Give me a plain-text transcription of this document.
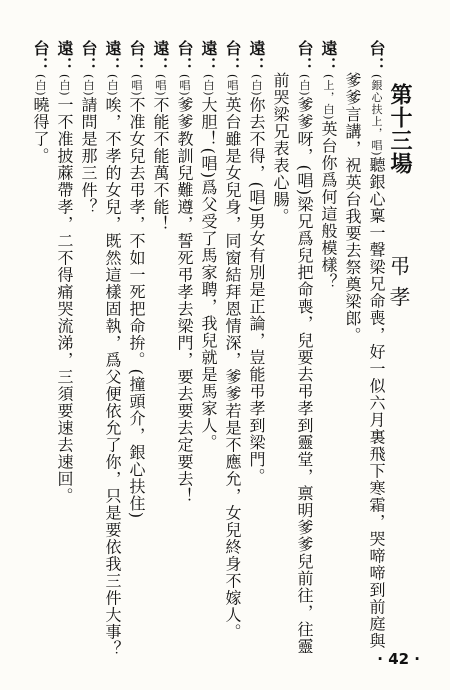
第十三場
弔孝
台：(銀心扶上，唱)聽銀心稟一聲梁兄命喪，好一似六月裏飛下寒霜，哭啼啼到前庭與
爹爹言講，祝英台我要去祭奠梁郎。
遠：(上，白)英台你爲何這般模樣？
台：(白)爹爹呀，(唱)梁兄爲兒把命喪，兒要去弔孝到靈堂，禀明爹爹兒前往，往靈
前哭梁兄表表心腸。
遠：(白)你去不得，(唱)男女有別是正論，豈能弔孝到梁門。
台：(唱)英台雖是女兒身，同窗結拜恩情深，爹爹若是不應允，女兒終身不嫁人。
遠：(白)大胆！(唱)爲父受了馬家聘，我兒就是馬家人。
台：(唱)爹爹教訓兒難遵，誓死弔孝去梁門，要去要去定要去！
遠：(唱)不能不能萬不能！
台：(唱)不准女兒去弔孝，不如一死把命拚。(撞頭介，銀心扶住)
遠：(白)唉，不孝的女兒，既然這樣固執，爲父便依允了你，只是要依我三件大事？
台：(白)請問是那三件？
遠：(白)一不准披蔴帶孝，二不得痛哭流涕，三須要速去速回。
台：(白)曉得了。
· 42 ·
